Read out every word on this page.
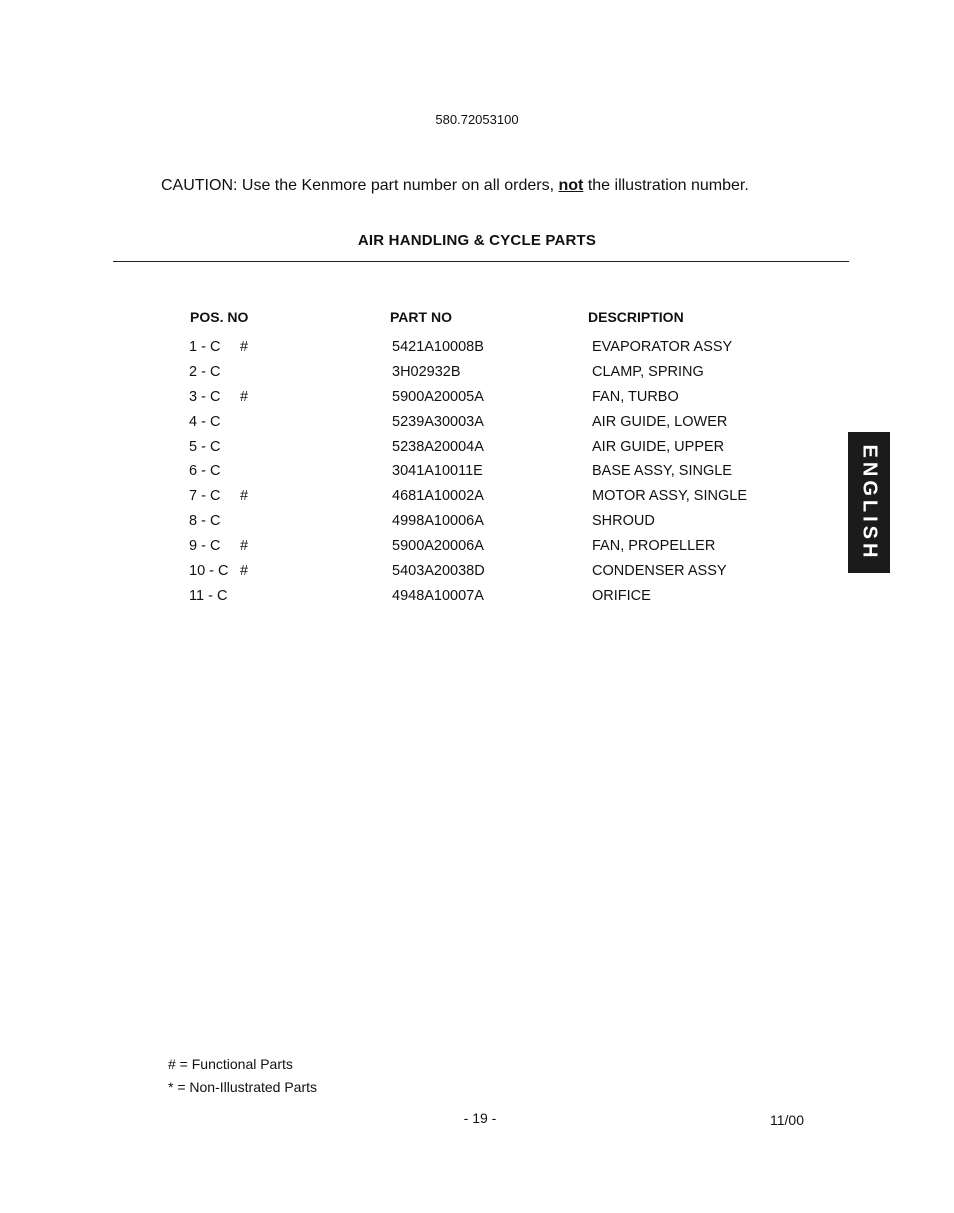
580.72053100
CAUTION: Use the Kenmore part number on all orders, not the illustration number.
AIR HANDLING & CYCLE PARTS
POS. NO	PART NO	DESCRIPTION
1 - C #	5421A10008B	EVAPORATOR ASSY
2 - C	3H02932B	CLAMP, SPRING
3 - C #	5900A20005A	FAN, TURBO
4 - C	5239A30003A	AIR GUIDE, LOWER
5 - C	5238A20004A	AIR GUIDE, UPPER
6 - C	3041A10011E	BASE ASSY, SINGLE
7 - C #	4681A10002A	MOTOR ASSY, SINGLE
8 - C	4998A10006A	SHROUD
9 - C #	5900A20006A	FAN, PROPELLER
10 - C #	5403A20038D	CONDENSER ASSY
11 - C	4948A10007A	ORIFICE
ENGLISH
# = Functional Parts
* = Non-Illustrated Parts
- 19 -	11/00
